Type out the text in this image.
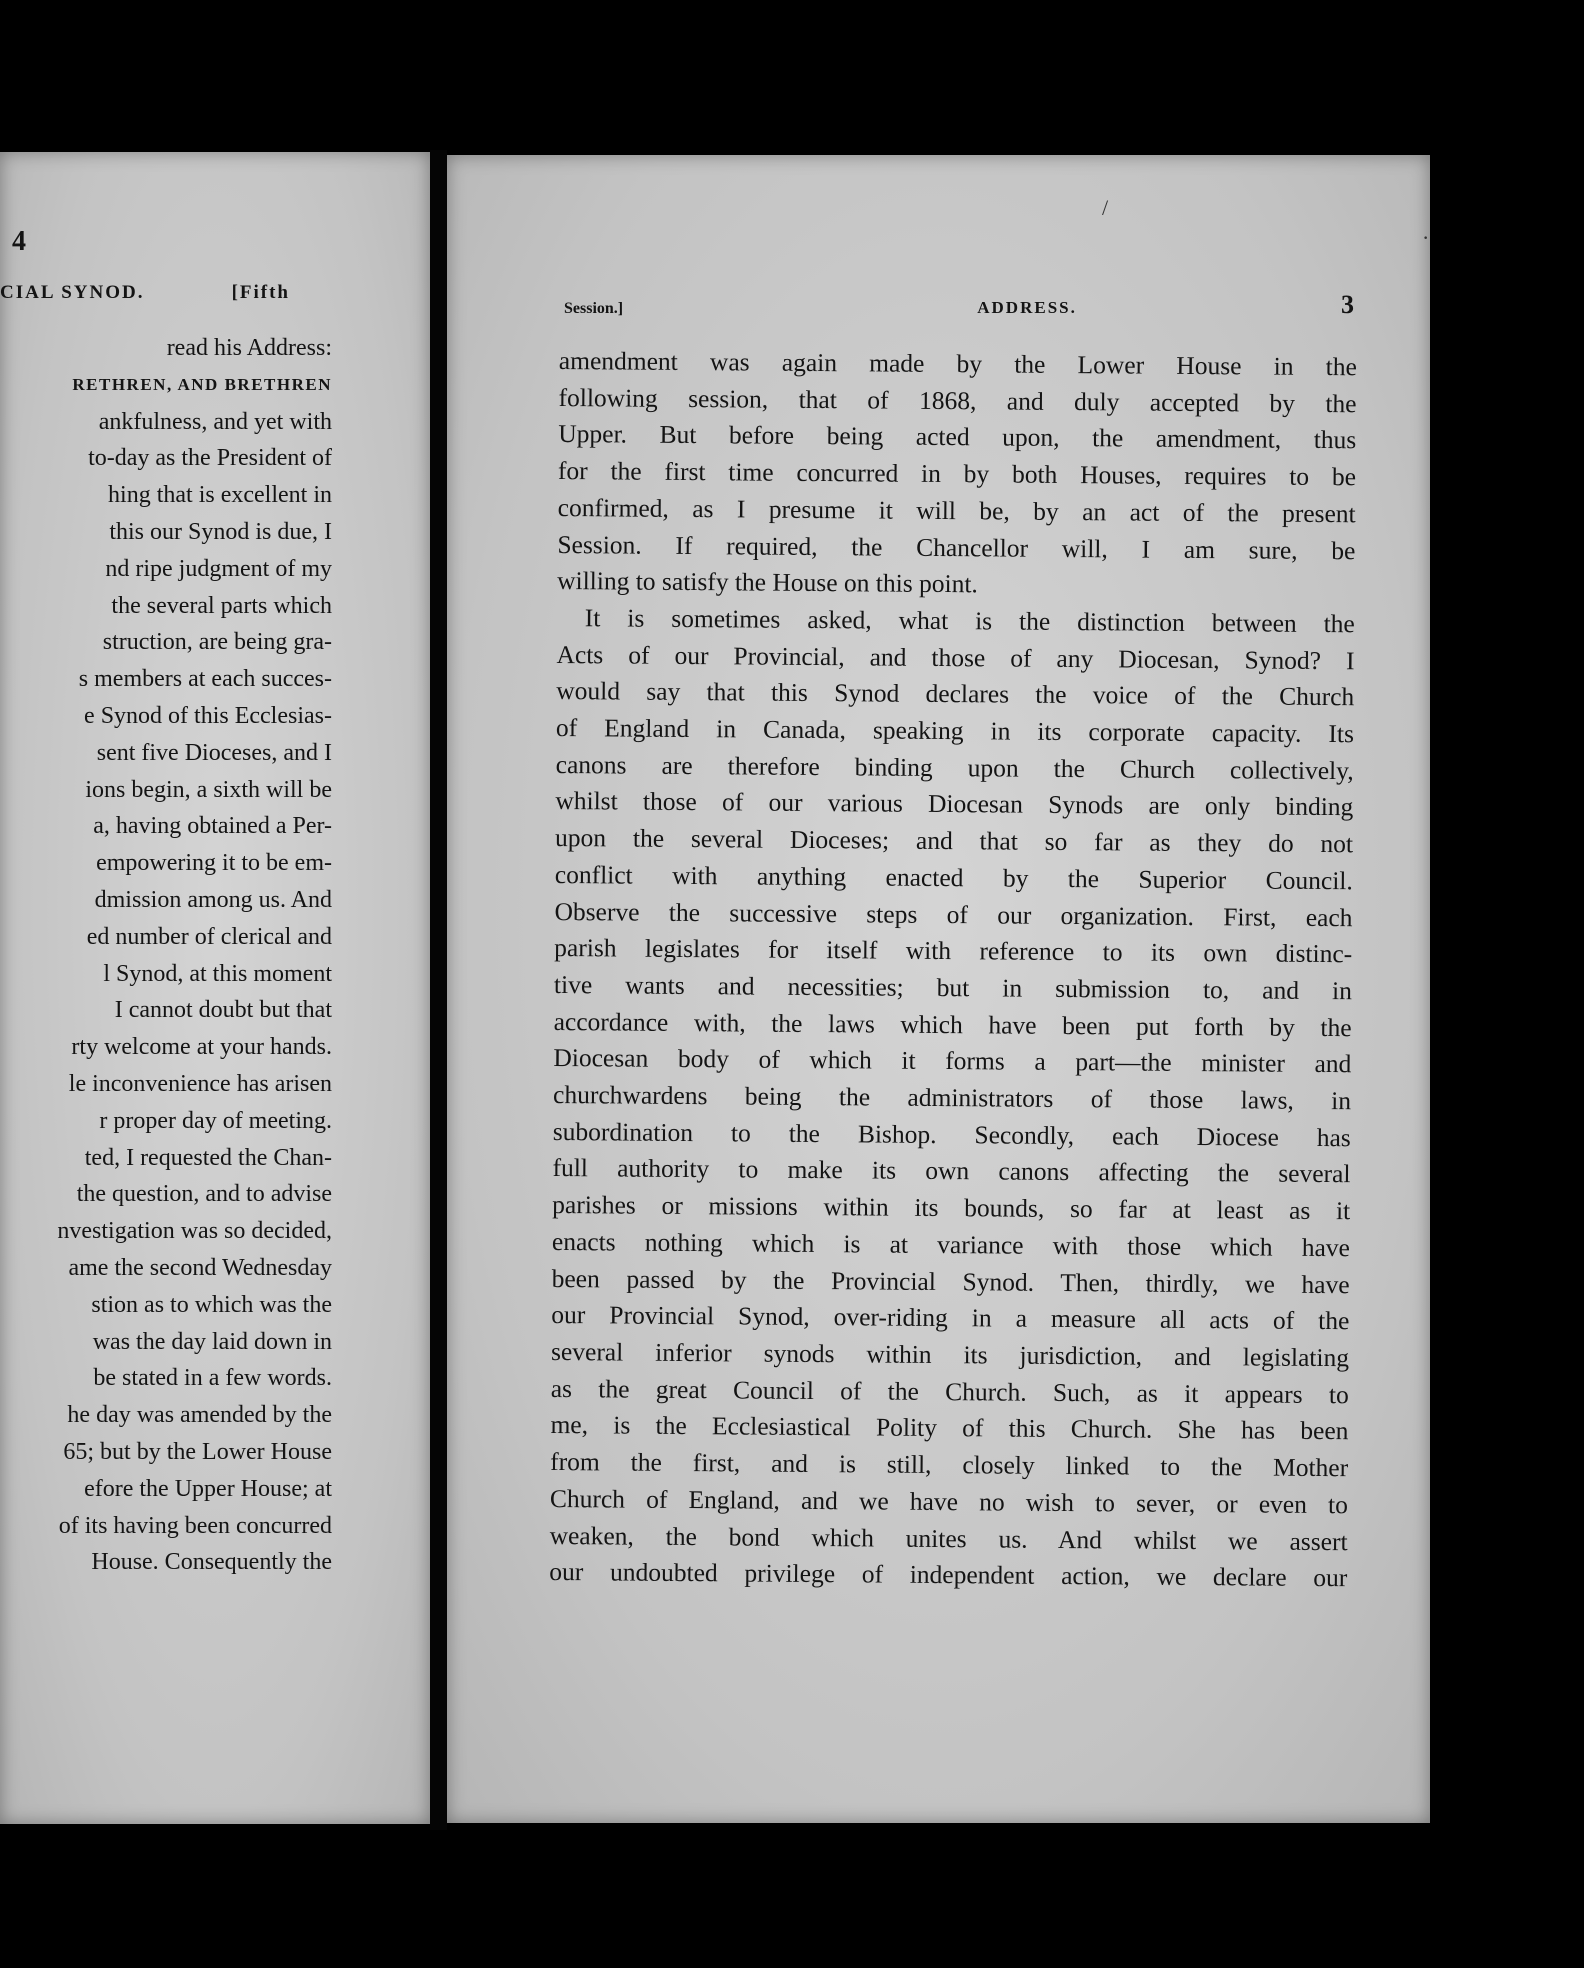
4
CIAL SYNOD.	[Fifth
read his Address:
RETHREN, AND BRETHREN
ankfulness, and yet with
to-day as the President of
hing that is excellent in
this our Synod is due, I
nd ripe judgment of my
the several parts which
struction, are being gra-
s members at each succes-
e Synod of this Ecclesias-
sent five Dioceses, and I
ions begin, a sixth will be
a, having obtained a Per-
empowering it to be em-
dmission among us. And
ed number of clerical and
l Synod, at this moment
I cannot doubt but that
rty welcome at your hands.
le inconvenience has arisen
r proper day of meeting.
ted, I requested the Chan-
the question, and to advise
nvestigation was so decided,
ame the second Wednesday
stion as to which was the
was the day laid down in
be stated in a few words.
he day was amended by the
65; but by the Lower House
efore the Upper House; at
of its having been concurred
House. Consequently the
Session.]	ADDRESS.	3
amendment was again made by the Lower House in the
following session, that of 1868, and duly accepted by the
Upper. But before being acted upon, the amendment, thus
for the first time concurred in by both Houses, requires to be
confirmed, as I presume it will be, by an act of the present
Session. If required, the Chancellor will, I am sure, be
willing to satisfy the House on this point.
It is sometimes asked, what is the distinction between the
Acts of our Provincial, and those of any Diocesan, Synod? I
would say that this Synod declares the voice of the Church
of England in Canada, speaking in its corporate capacity. Its
canons are therefore binding upon the Church collectively,
whilst those of our various Diocesan Synods are only binding
upon the several Dioceses; and that so far as they do not
conflict with anything enacted by the Superior Council.
Observe the successive steps of our organization. First, each
parish legislates for itself with reference to its own distinc-
tive wants and necessities; but in submission to, and in
accordance with, the laws which have been put forth by the
Diocesan body of which it forms a part—the minister and
churchwardens being the administrators of those laws, in
subordination to the Bishop. Secondly, each Diocese has
full authority to make its own canons affecting the several
parishes or missions within its bounds, so far at least as it
enacts nothing which is at variance with those which have
been passed by the Provincial Synod. Then, thirdly, we have
our Provincial Synod, over-riding in a measure all acts of the
several inferior synods within its jurisdiction, and legislating
as the great Council of the Church. Such, as it appears to
me, is the Ecclesiastical Polity of this Church. She has been
from the first, and is still, closely linked to the Mother
Church of England, and we have no wish to sever, or even to
weaken, the bond which unites us. And whilst we assert
our undoubted privilege of independent action, we declare our
/
·
